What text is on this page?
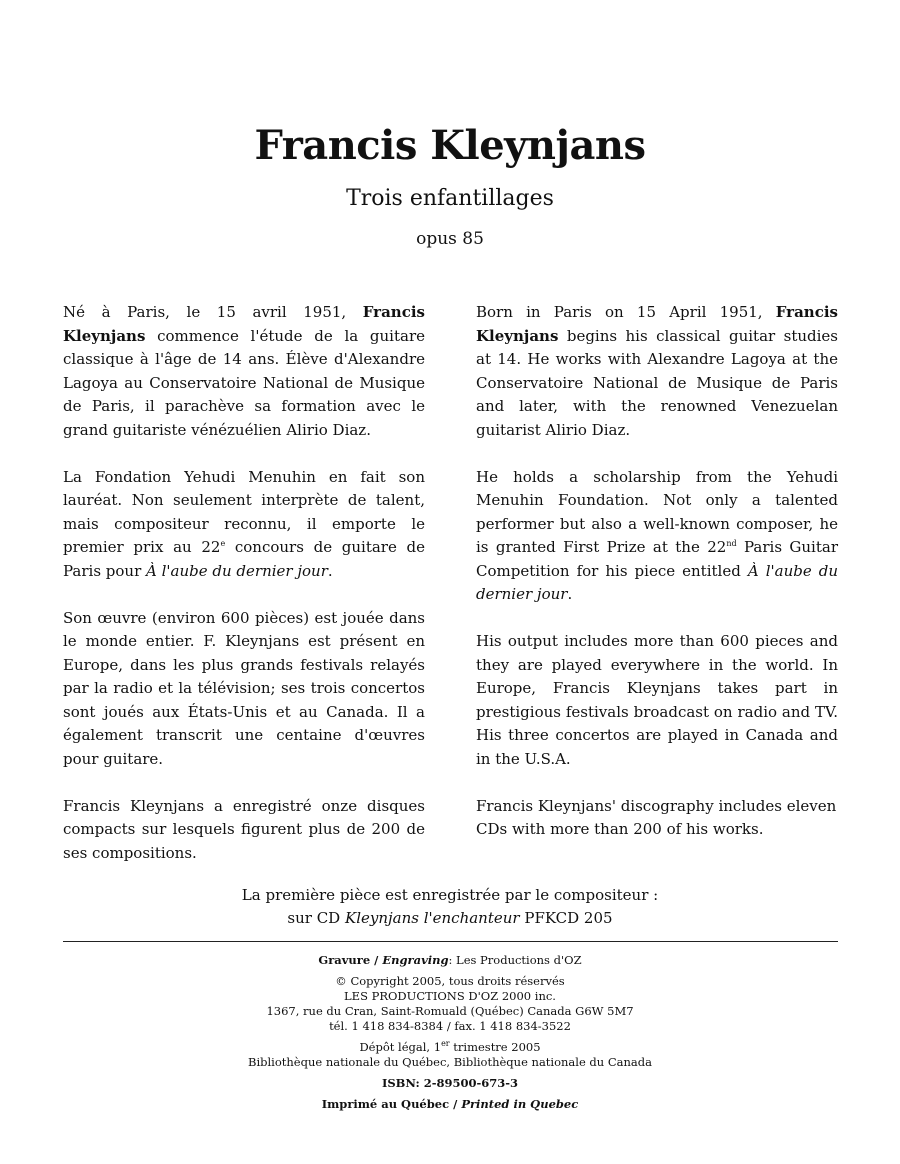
Francis Kleynjans
Trois enfantillages
opus 85

Né à Paris, le 15 avril 1951, Francis Kleynjans commence l'étude de la guitare classique à l'âge de 14 ans. Élève d'Alexandre Lagoya au Conservatoire National de Musique de Paris, il parachève sa formation avec le grand guitariste vénézuélien Alirio Diaz.

La Fondation Yehudi Menuhin en fait son lauréat. Non seulement interprète de talent, mais compositeur reconnu, il emporte le premier prix au 22e concours de guitare de Paris pour À l'aube du dernier jour.

Son œuvre (environ 600 pièces) est jouée dans le monde entier. F. Kleynjans est présent en Europe, dans les plus grands festivals relayés par la radio et la télévision; ses trois concertos sont joués aux États-Unis et au Canada. Il a également transcrit une centaine d'œuvres pour guitare.

Francis Kleynjans a enregistré onze disques compacts sur lesquels figurent plus de 200 de ses compositions.

Born in Paris on 15 April 1951, Francis Kleynjans begins his classical guitar studies at 14. He works with Alexandre Lagoya at the Conservatoire National de Musique de Paris and later, with the renowned Venezuelan guitarist Alirio Diaz.

He holds a scholarship from the Yehudi Menuhin Foundation. Not only a talented performer but also a well-known composer, he is granted First Prize at the 22nd Paris Guitar Competition for his piece entitled À l'aube du dernier jour.

His output includes more than 600 pieces and they are played everywhere in the world. In Europe, Francis Kleynjans takes part in prestigious festivals broadcast on radio and TV. His three concertos are played in Canada and in the U.S.A.

Francis Kleynjans' discography includes eleven CDs with more than 200 of his works.

La première pièce est enregistrée par le compositeur :
sur CD Kleynjans l'enchanteur PFKCD 205
Gravure / Engraving: Les Productions d'OZ
© Copyright 2005, tous droits réservés
LES PRODUCTIONS D'OZ 2000 inc.
1367, rue du Cran, Saint-Romuald (Québec) Canada G6W 5M7
tél. 1 418 834-8384 / fax. 1 418 834-3522
Dépôt légal, 1er trimestre 2005
Bibliothèque nationale du Québec, Bibliothèque nationale du Canada
ISBN: 2-89500-673-3
Imprimé au Québec / Printed in Quebec
